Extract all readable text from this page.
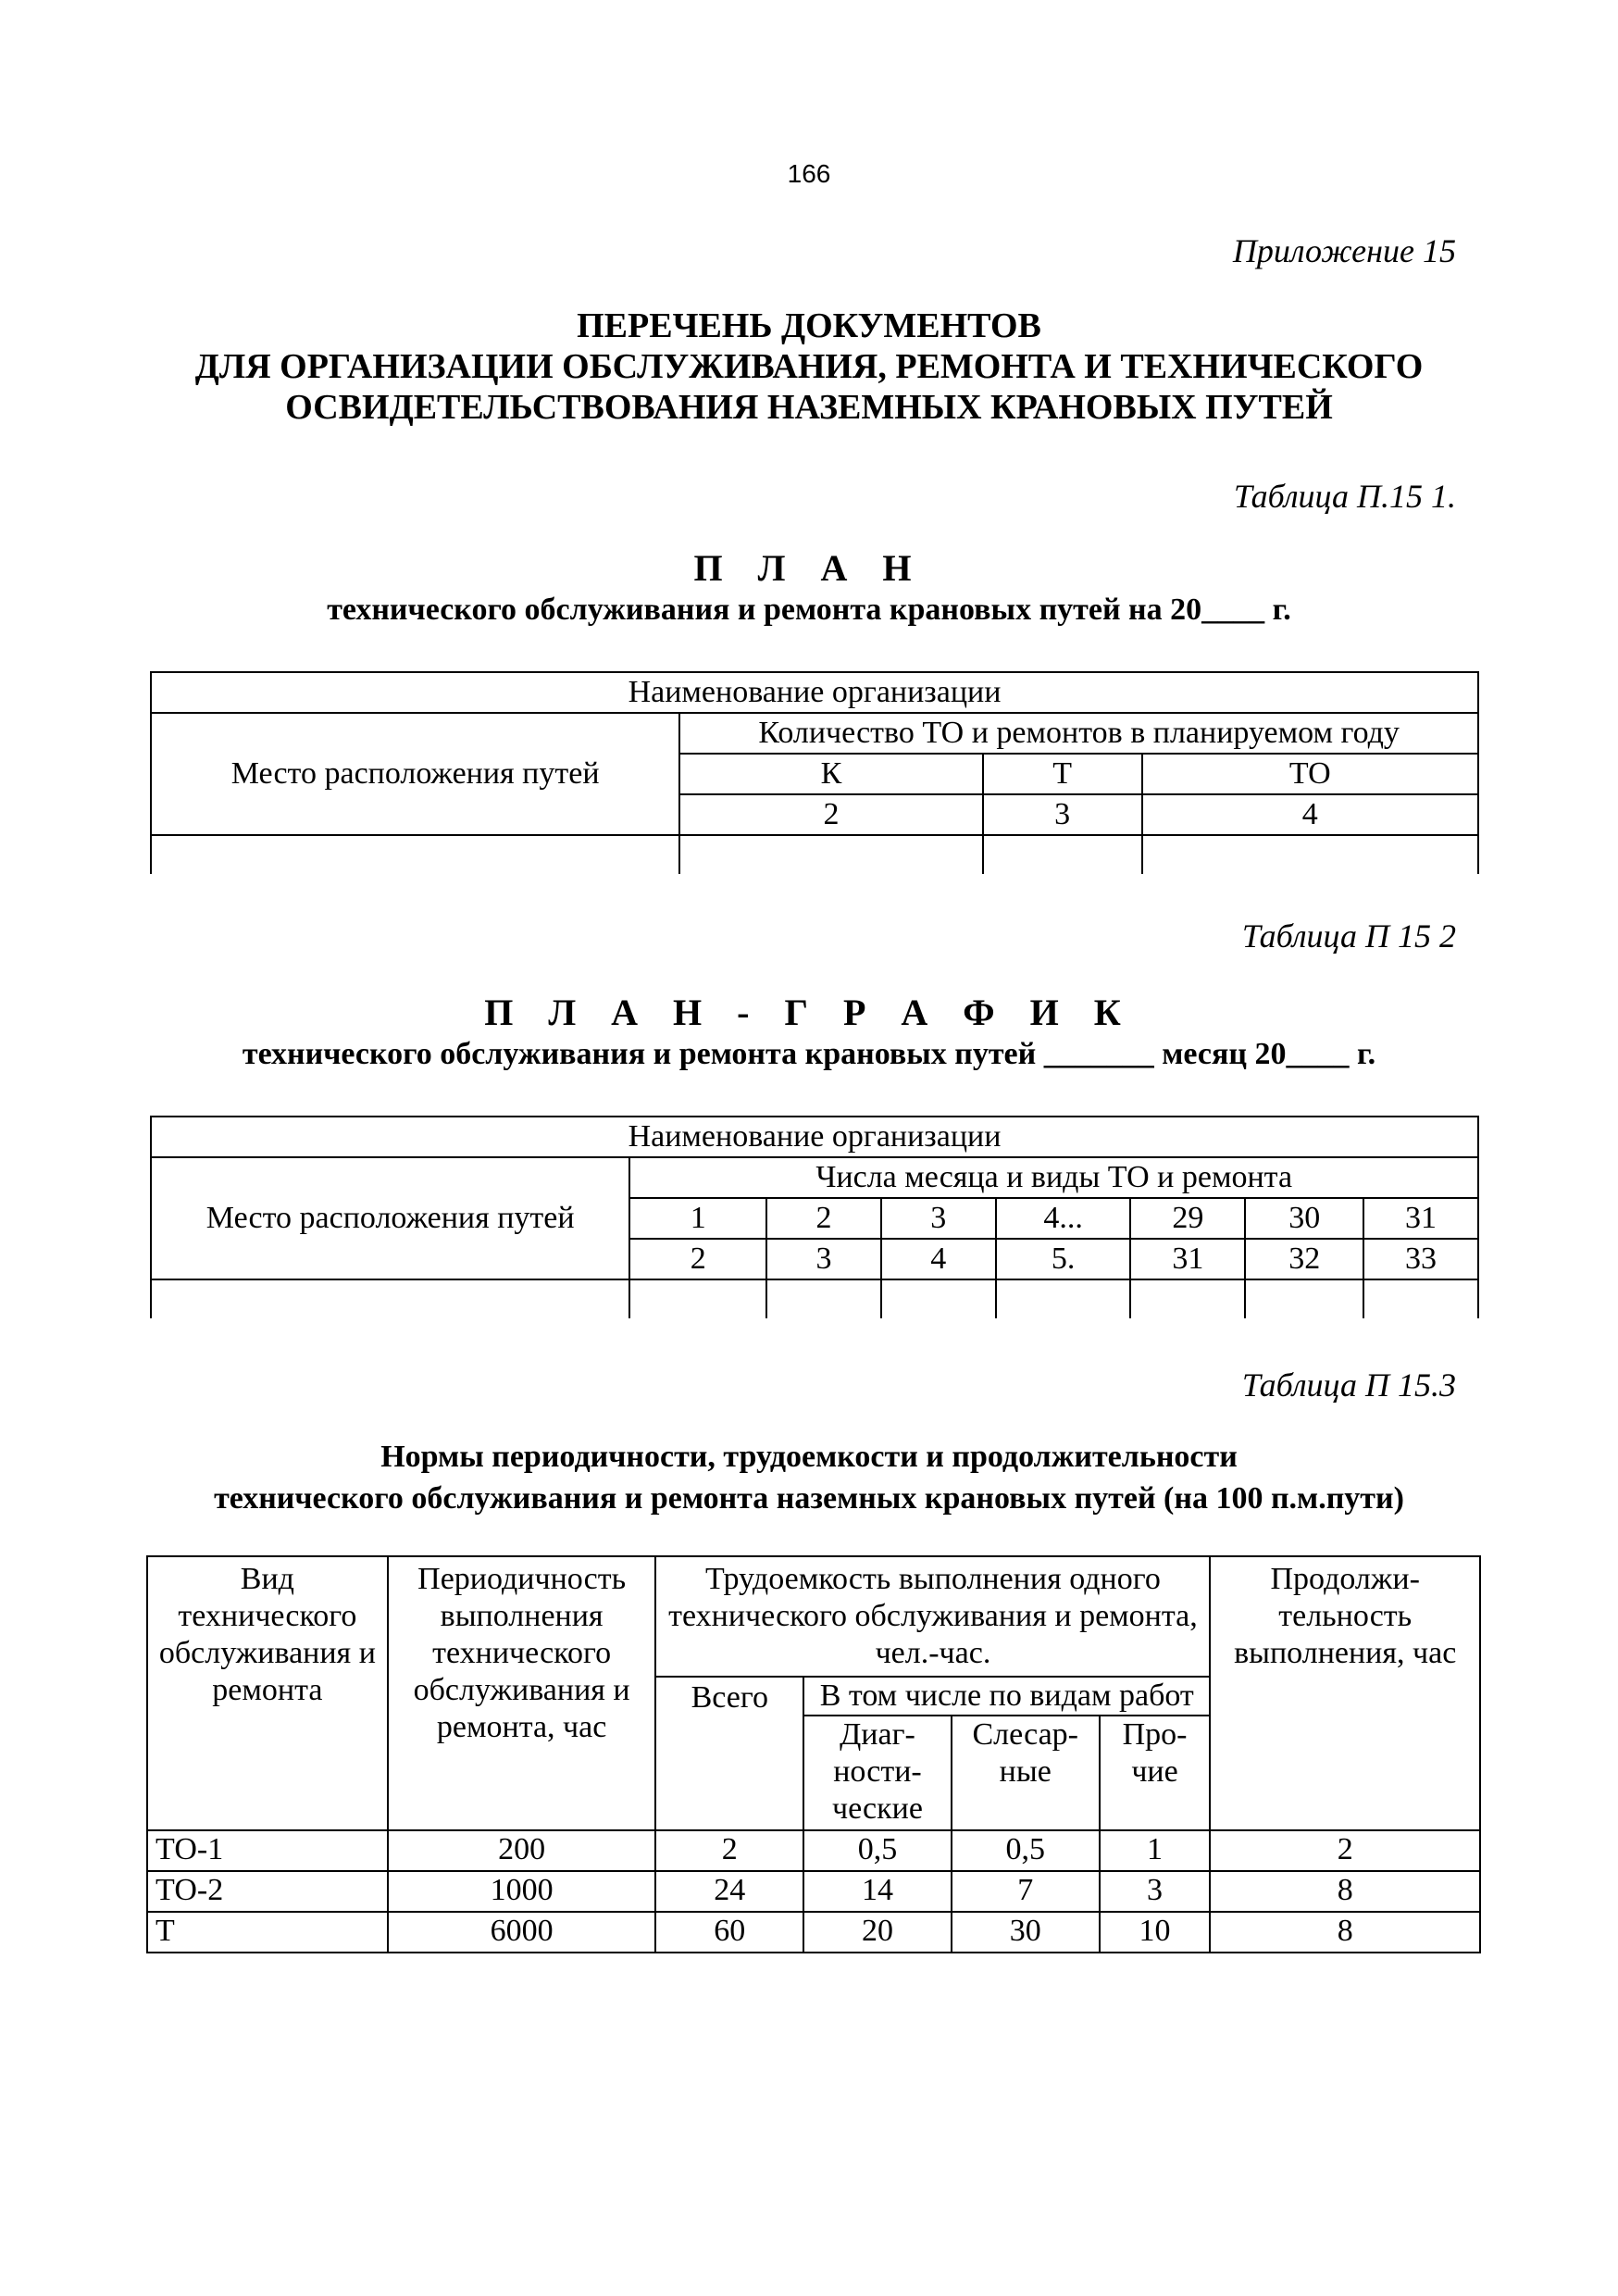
166
Приложение 15
ПЕРЕЧЕНЬ ДОКУМЕНТОВ
ДЛЯ ОРГАНИЗАЦИИ ОБСЛУЖИВАНИЯ, РЕМОНТА И ТЕХНИЧЕСКОГО
ОСВИДЕТЕЛЬСТВОВАНИЯ НАЗЕМНЫХ КРАНОВЫХ ПУТЕЙ
Таблица П.15 1.
П Л А Н
технического обслуживания и ремонта крановых путей на 20____ г.
Наименование организации			
Место расположения путей	Количество ТО и ремонтов в планируемом году		
	К	Т	ТО
	2	3	4

Таблица П 15 2
П Л А Н - Г Р А Ф И К
технического обслуживания и ремонта крановых путей _______ месяц 20____ г.
Наименование организации							
Место расположения путей	Числа месяца и виды ТО и ремонта						
	1	2	3	4...	29	30	31
	2	3	4	5.	31	32	33

Таблица П 15.3
Нормы периодичности, трудоемкости и продолжительности
технического обслуживания и ремонта наземных крановых путей (на 100 п.м.пути)
Вид технического обслуживания и ремонта	Периодичность выполнения технического обслуживания и ремонта, час	Трудоемкость выполнения одного технического обслуживания и ремонта, чел.-час.				Продолжи-тельность выполнения, час
		Всего	В том числе по видам работ			
			Диаг-ности-ческие	Слесар-ные	Про-чие	
ТО-1	200	2	0,5	0,5	1	2
ТО-2	1000	24	14	7	3	8
Т	6000	60	20	30	10	8
